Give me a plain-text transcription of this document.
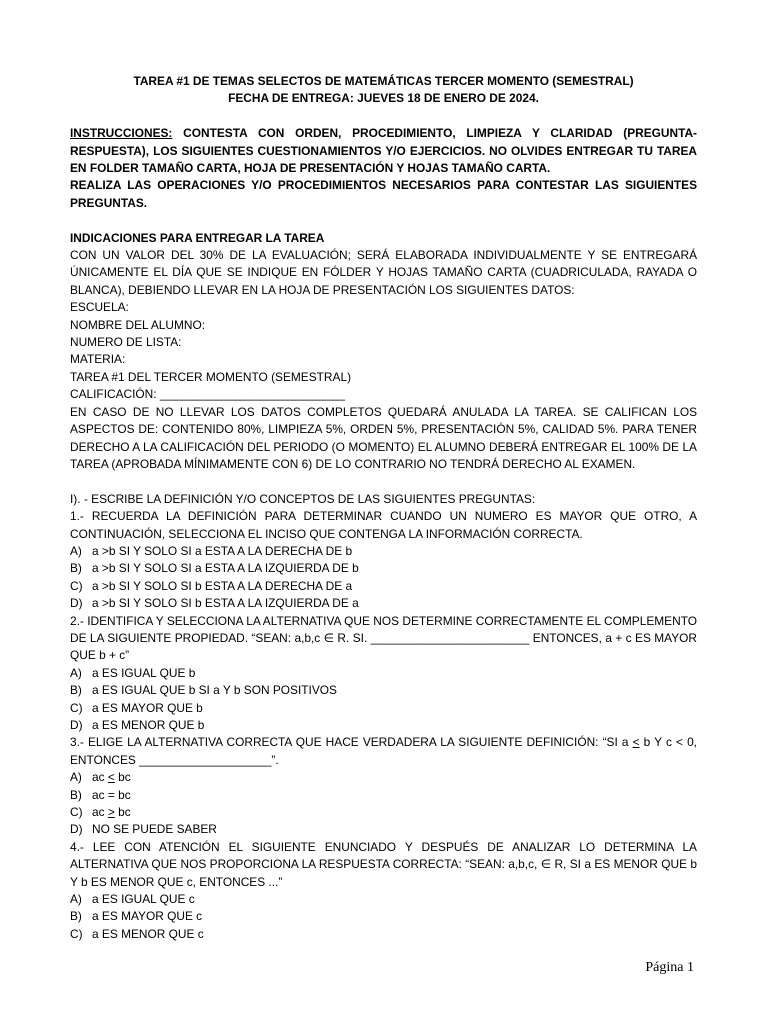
TAREA #1 DE TEMAS SELECTOS DE MATEMÁTICAS TERCER MOMENTO (SEMESTRAL)
FECHA DE ENTREGA: JUEVES 18 DE ENERO DE 2024.
INSTRUCCIONES: CONTESTA CON ORDEN, PROCEDIMIENTO, LIMPIEZA Y CLARIDAD (PREGUNTA-RESPUESTA), LOS SIGUIENTES CUESTIONAMIENTOS Y/O EJERCICIOS. NO OLVIDES ENTREGAR TU TAREA EN FOLDER TAMAÑO CARTA, HOJA DE PRESENTACIÓN Y HOJAS TAMAÑO CARTA.
REALIZA LAS OPERACIONES Y/O PROCEDIMIENTOS NECESARIOS PARA CONTESTAR LAS SIGUIENTES PREGUNTAS.
INDICACIONES PARA ENTREGAR LA TAREA
CON UN VALOR DEL 30% DE LA EVALUACIÓN; SERÁ ELABORADA INDIVIDUALMENTE Y SE ENTREGARÁ ÚNICAMENTE EL DÍA QUE SE INDIQUE EN FÓLDER Y HOJAS TAMAÑO CARTA (CUADRICULADA, RAYADA O BLANCA), DEBIENDO LLEVAR EN LA HOJA DE PRESENTACIÓN LOS SIGUIENTES DATOS:
ESCUELA:
NOMBRE DEL ALUMNO:
NUMERO DE LISTA:
MATERIA:
TAREA #1 DEL TERCER MOMENTO (SEMESTRAL)
CALIFICACIÓN: ____________________________
EN CASO DE NO LLEVAR LOS DATOS COMPLETOS QUEDARÁ ANULADA LA TAREA. SE CALIFICAN LOS ASPECTOS DE: CONTENIDO 80%, LIMPIEZA 5%, ORDEN 5%, PRESENTACIÓN 5%, CALIDAD 5%. PARA TENER DERECHO A LA CALIFICACIÓN DEL PERIODO (O MOMENTO) EL ALUMNO DEBERÁ ENTREGAR EL 100% DE LA TAREA (APROBADA MÍNIMAMENTE CON 6) DE LO CONTRARIO NO TENDRÁ DERECHO AL EXAMEN.
I). - ESCRIBE LA DEFINICIÓN Y/O CONCEPTOS DE LAS SIGUIENTES PREGUNTAS:
1.- RECUERDA LA DEFINICIÓN PARA DETERMINAR CUANDO UN NUMERO ES MAYOR QUE OTRO, A CONTINUACIÓN, SELECCIONA EL INCISO QUE CONTENGA LA INFORMACIÓN CORRECTA.
A) a >b SI Y SOLO SI a ESTA A LA DERECHA DE b
B) a >b SI Y SOLO SI a ESTA A LA IZQUIERDA DE b
C) a >b SI Y SOLO SI b ESTA A LA DERECHA DE a
D) a >b SI Y SOLO SI b ESTA A LA IZQUIERDA DE a
2.- IDENTIFICA Y SELECCIONA LA ALTERNATIVA QUE NOS DETERMINE CORRECTAMENTE EL COMPLEMENTO DE LA SIGUIENTE PROPIEDAD. “SEAN: a,b,c ∈ R. SI. ________________________ ENTONCES, a + c ES MAYOR QUE b + c”
A) a ES IGUAL QUE b
B) a ES IGUAL QUE b SI a Y b SON POSITIVOS
C) a ES MAYOR QUE b
D) a ES MENOR QUE b
3.- ELIGE LA ALTERNATIVA CORRECTA QUE HACE VERDADERA LA SIGUIENTE DEFINICIÓN: “SI a ≤ b Y c < 0, ENTONCES ____________________”.
A) ac < bc
B) ac = bc
C) ac > bc
D) NO SE PUEDE SABER
4.- LEE CON ATENCIÓN EL SIGUIENTE ENUNCIADO Y DESPUÉS DE ANALIZAR LO DETERMINA LA ALTERNATIVA QUE NOS PROPORCIONA LA RESPUESTA CORRECTA: “SEAN: a,b,c, ∈ R, SI a ES MENOR QUE b Y b ES MENOR QUE c, ENTONCES ...”
A) a ES IGUAL QUE c
B) a ES MAYOR QUE c
C) a ES MENOR QUE c
Página 1
